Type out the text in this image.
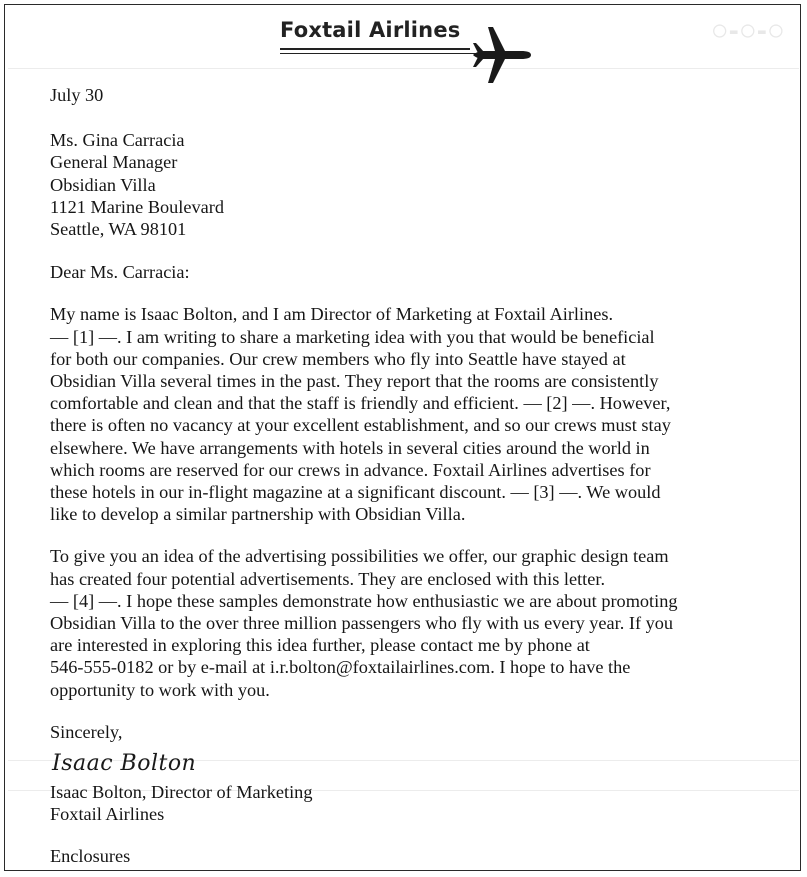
○-○-○
Foxtail Airlines

July 30

Ms. Gina Carracia
General Manager
Obsidian Villa
1121 Marine Boulevard
Seattle, WA 98101

Dear Ms. Carracia:

My name is Isaac Bolton, and I am Director of Marketing at Foxtail Airlines.
— [1] —. I am writing to share a marketing idea with you that would be beneficial
for both our companies. Our crew members who fly into Seattle have stayed at
Obsidian Villa several times in the past. They report that the rooms are consistently
comfortable and clean and that the staff is friendly and efficient. — [2] —. However,
there is often no vacancy at your excellent establishment, and so our crews must stay
elsewhere. We have arrangements with hotels in several cities around the world in
which rooms are reserved for our crews in advance. Foxtail Airlines advertises for
these hotels in our in-flight magazine at a significant discount. — [3] —. We would
like to develop a similar partnership with Obsidian Villa.
To give you an idea of the advertising possibilities we offer, our graphic design team
has created four potential advertisements. They are enclosed with this letter.
— [4] —. I hope these samples demonstrate how enthusiastic we are about promoting
Obsidian Villa to the over three million passengers who fly with us every year. If you
are interested in exploring this idea further, please contact me by phone at
546-555-0182 or by e-mail at i.r.bolton@foxtailairlines.com. I hope to have the
opportunity to work with you.

Sincerely,

Isaac Bolton

Isaac Bolton, Director of Marketing
Foxtail Airlines

Enclosures
